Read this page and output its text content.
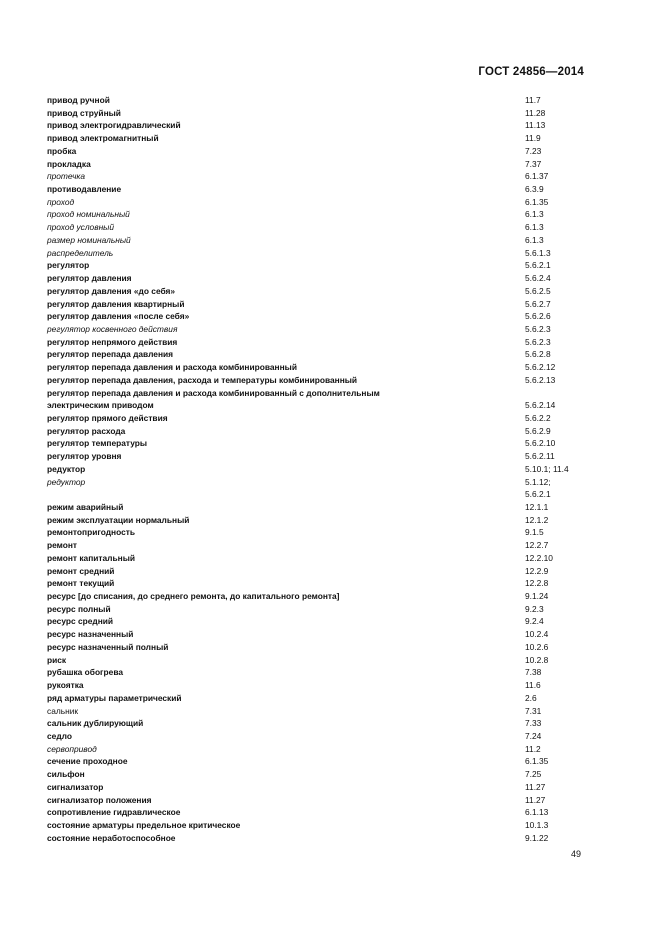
ГОСТ 24856—2014
привод ручной	11.7
привод струйный	11.28
привод электрогидравлический	11.13
привод электромагнитный	11.9
пробка	7.23
прокладка	7.37
протечка	6.1.37
противодавление	6.3.9
проход	6.1.35
проход номинальный	6.1.3
проход условный	6.1.3
размер номинальный	6.1.3
распределитель	5.6.1.3
регулятор	5.6.2.1
регулятор давления	5.6.2.4
регулятор давления «до себя»	5.6.2.5
регулятор давления квартирный	5.6.2.7
регулятор давления «после себя»	5.6.2.6
регулятор косвенного действия	5.6.2.3
регулятор непрямого действия	5.6.2.3
регулятор перепада давления	5.6.2.8
регулятор перепада давления и расхода комбинированный	5.6.2.12
регулятор перепада давления, расхода и температуры комбинированный	5.6.2.13
регулятор перепада давления и расхода комбинированный с дополнительным
электрическим приводом	5.6.2.14
регулятор прямого действия	5.6.2.2
регулятор расхода	5.6.2.9
регулятор температуры	5.6.2.10
регулятор уровня	5.6.2.11
редуктор	5.10.1; 11.4
редуктор	5.1.12;
5.6.2.1
режим аварийный	12.1.1
режим эксплуатации нормальный	12.1.2
ремонтопригодность	9.1.5
ремонт	12.2.7
ремонт капитальный	12.2.10
ремонт средний	12.2.9
ремонт текущий	12.2.8
ресурс [до списания, до среднего ремонта, до капитального ремонта]	9.1.24
ресурс полный	9.2.3
ресурс средний	9.2.4
ресурс назначенный	10.2.4
ресурс назначенный полный	10.2.6
риск	10.2.8
рубашка обогрева	7.38
рукоятка	11.6
ряд арматуры параметрический	2.6
сальник	7.31
сальник дублирующий	7.33
седло	7.24
сервопривод	11.2
сечение проходное	6.1.35
сильфон	7.25
сигнализатор	11.27
сигнализатор положения	11.27
сопротивление гидравлическое	6.1.13
состояние арматуры предельное критическое	10.1.3
состояние неработоспособное	9.1.22
49
